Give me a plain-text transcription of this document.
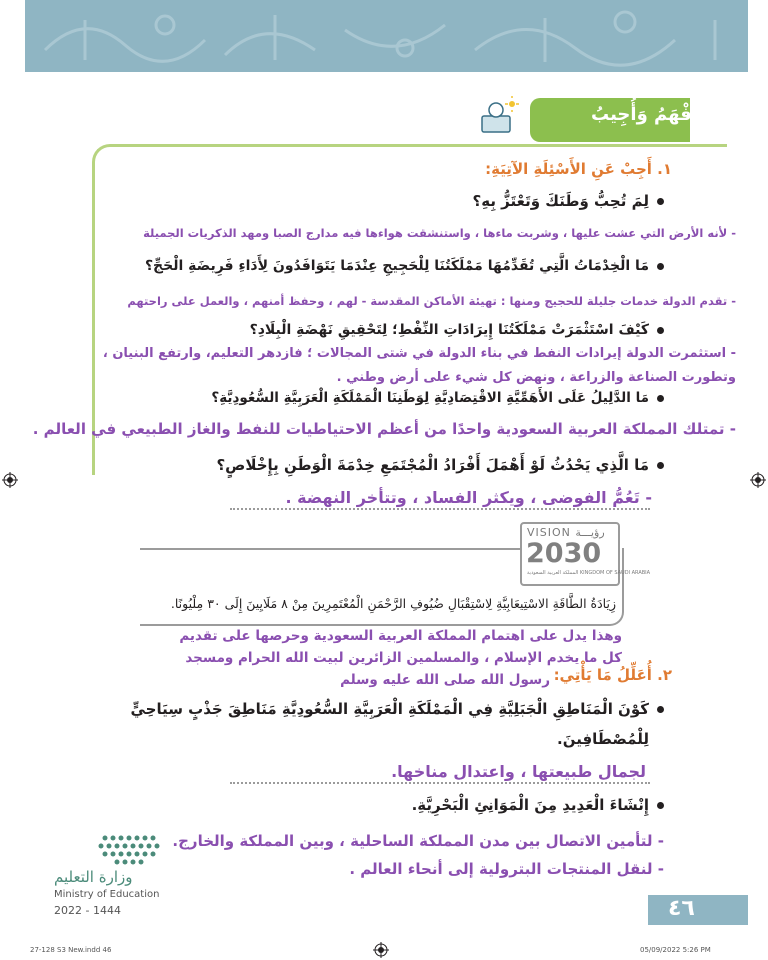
أَفْهَمُ وَأُجِيبُ
١. أَجِبْ عَنِ الأَسْئِلَةِ الآتِيَةِ:
لِمَ تُحِبُّ وَطَنَكَ وَتَعْتَزُّ بِهِ؟
- لأنه الأرض التي عشت عليها ، وشربت ماءها ، واستنشقت هواءها فيه مدارج الصبا ومهد الذكريات الجميلة
مَا الْخِدْمَاتُ الَّتِي تُقَدِّمُهَا مَمْلَكَتُنَا لِلْحَجِيجِ عِنْدَمَا يَتَوَافَدُونَ لِأَدَاءِ فَرِيضَةِ الْحَجِّ؟
- تقدم الدولة خدمات جليلة للحجيج ومنها : تهيئة الأماكن المقدسة - لهم ، وحفظ أمنهم ، والعمل على راحتهم
كَيْفَ اسْتَثْمَرَتْ مَمْلَكَتُنَا إِيرَادَاتِ النِّفْطِ؛ لِتَحْقِيقِ نَهْضَةِ الْبِلَادِ؟
- استثمرت الدولة إيرادات النفط في بناء الدولة في شتى المجالات ؛ فازدهر التعليم، وارتفع البنيان ،
وتطورت الصناعة والزراعة ، ونهض كل شيء على أرض وطني .
مَا الدَّلِيلُ عَلَى الأَهَمِّيَّةِ الاقْتِصَادِيَّةِ لِوَطَنِنَا الْمَمْلَكَةِ الْعَرَبِيَّةِ السُّعُودِيَّةِ؟
- تمتلك المملكة العربية السعودية واحدًا من أعظم الاحتياطيات للنفط والغاز الطبيعي في العالم .
مَا الَّذِي يَحْدُثُ لَوْ أَهْمَلَ أَفْرَادُ الْمُجْتَمَعِ خِدْمَةَ الْوَطَنِ بِإِخْلَاصٍ؟
- تَعُمُّ الفوضى ، ويكثر الفساد ، وتتأخر النهضة .
VISION رؤيـــة
2030
المملكة العربية السعودية KINGDOM OF SAUDI ARABIA
زِيَادَةُ الطَّاقَةِ الاسْتِيعَابِيَّةِ لِاسْتِقْبَالِ ضُيُوفِ الرَّحْمَنِ الْمُعْتَمِرِينَ مِنْ ٨ مَلَايِينَ إِلَى ٣٠ مِلْيُونًا.
وهذا يدل على اهتمام المملكة العربية السعودية وحرصها على تقديم
كل ما يخدم الإسلام ، والمسلمين الزائرين لبيت الله الحرام ومسجد
٢. أُعَلِّلُ مَا يَأْتِي:
رسول الله صلى الله عليه وسلم
كَوْنَ الْمَنَاطِقِ الْجَبَلِيَّةِ فِي الْمَمْلَكَةِ الْعَرَبِيَّةِ السُّعُودِيَّةِ مَنَاطِقَ جَذْبٍ سِيَاحِيٍّ
لِلْمُصْطَافِينَ.
لجمال طبيعتها ، واعتدال مناخها.
إِنْشَاءَ الْعَدِيدِ مِنَ الْمَوَانِئِ الْبَحْرِيَّةِ.
- لتأمين الاتصال بين مدن المملكة الساحلية ، وبين المملكة والخارج.
- لنقل المنتجات البترولية إلى أنحاء العالم .
وزارة التعليم
Ministry of Education
2022 - 1444	٤٦
27-128 S3 New.indd 46	05/09/2022 5:26 PM
